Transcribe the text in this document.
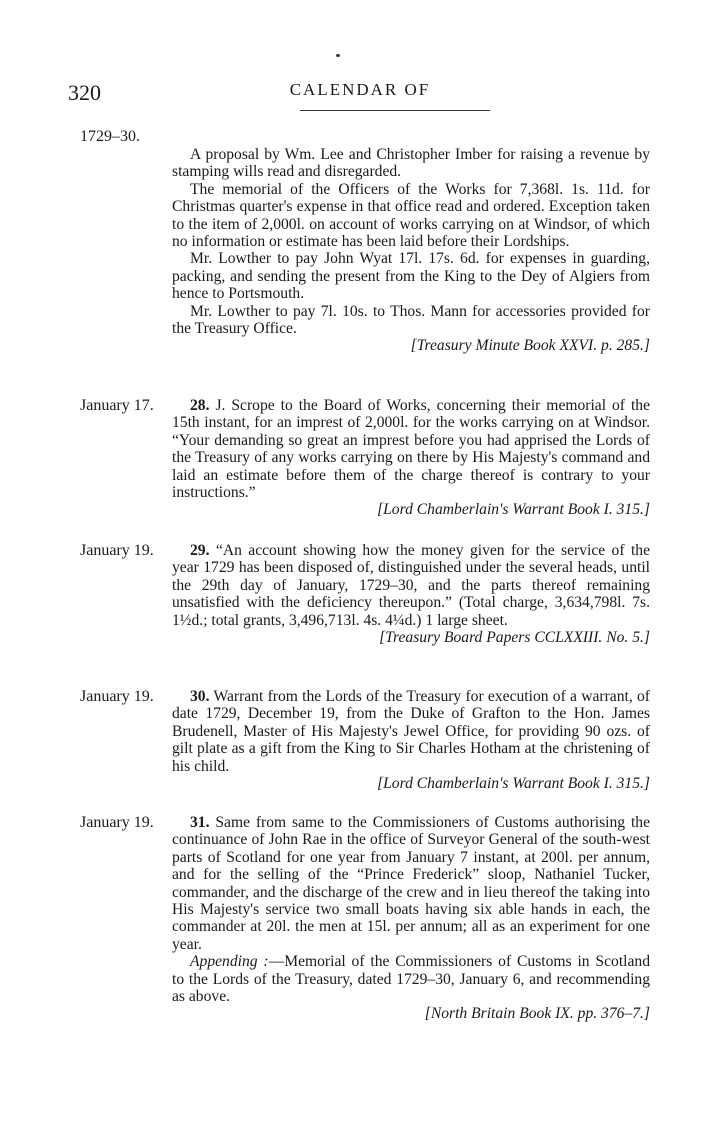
320	CALENDAR OF
1729–30.

A proposal by Wm. Lee and Christopher Imber for raising a revenue by stamping wills read and disregarded.

The memorial of the Officers of the Works for 7,368l. 1s. 11d. for Christmas quarter's expense in that office read and ordered. Exception taken to the item of 2,000l. on account of works carrying on at Windsor, of which no information or estimate has been laid before their Lordships.

Mr. Lowther to pay John Wyat 17l. 17s. 6d. for expenses in guarding, packing, and sending the present from the King to the Dey of Algiers from hence to Portsmouth.

Mr. Lowther to pay 7l. 10s. to Thos. Mann for accessories provided for the Treasury Office.

[Treasury Minute Book XXVI. p. 285.]

January 17.	28. J. Scrope to the Board of Works, concerning their memorial of the 15th instant, for an imprest of 2,000l. for the works carrying on at Windsor. “Your demanding so great an imprest before you had apprised the Lords of the Treasury of any works carrying on there by His Majesty's command and laid an estimate before them of the charge thereof is contrary to your instructions.”

[Lord Chamberlain's Warrant Book I. 315.]

January 19.	29. “An account showing how the money given for the service of the year 1729 has been disposed of, distinguished under the several heads, until the 29th day of January, 1729–30, and the parts thereof remaining unsatisfied with the deficiency thereupon.” (Total charge, 3,634,798l. 7s. 1½d.; total grants, 3,496,713l. 4s. 4¼d.) 1 large sheet.

[Treasury Board Papers CCLXXIII. No. 5.]

January 19.	30. Warrant from the Lords of the Treasury for execution of a warrant, of date 1729, December 19, from the Duke of Grafton to the Hon. James Brudenell, Master of His Majesty's Jewel Office, for providing 90 ozs. of gilt plate as a gift from the King to Sir Charles Hotham at the christening of his child.

[Lord Chamberlain's Warrant Book I. 315.]

January 19.	31. Same from same to the Commissioners of Customs authorising the continuance of John Rae in the office of Surveyor General of the south-west parts of Scotland for one year from January 7 instant, at 200l. per annum, and for the selling of the “Prince Frederick” sloop, Nathaniel Tucker, commander, and the discharge of the crew and in lieu thereof the taking into His Majesty's service two small boats having six able hands in each, the commander at 20l. the men at 15l. per annum; all as an experiment for one year.

Appending :—Memorial of the Commissioners of Customs in Scotland to the Lords of the Treasury, dated 1729–30, January 6, and recommending as above.

[North Britain Book IX. pp. 376–7.]
